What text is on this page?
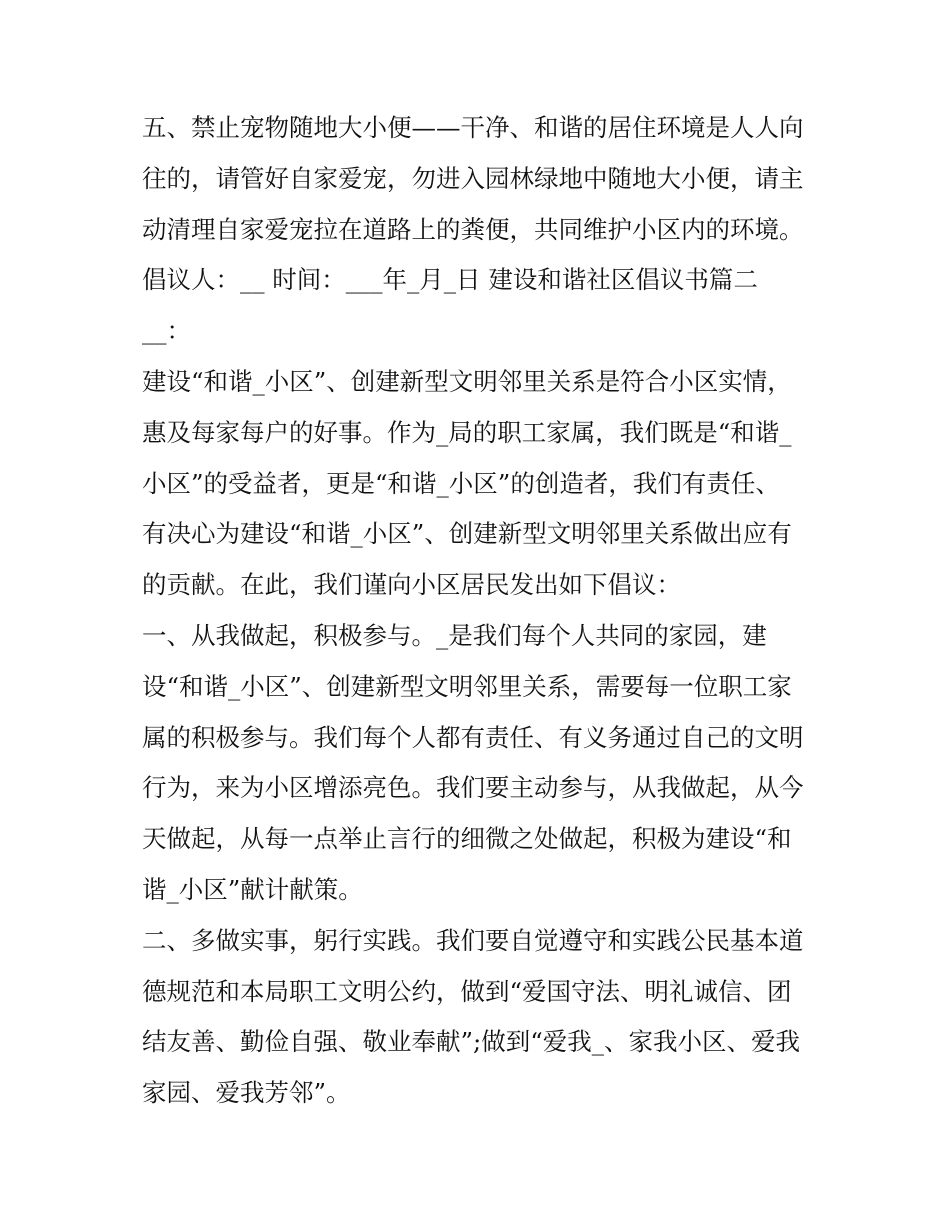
五、禁止宠物随地大小便——干净、和谐的居住环境是人人向
往的，请管好自家爱宠，勿进入园林绿地中随地大小便，请主
动清理自家爱宠拉在道路上的粪便，共同维护小区内的环境。
倡议人：__ 时间：___年_月_日 建设和谐社区倡议书篇二
__：
建设“和谐_小区”、创建新型文明邻里关系是符合小区实情，
惠及每家每户的好事。作为_局的职工家属，我们既是“和谐_
小区”的受益者，更是“和谐_小区”的创造者，我们有责任、
有决心为建设“和谐_小区”、创建新型文明邻里关系做出应有
的贡献。在此，我们谨向小区居民发出如下倡议：
一、从我做起，积极参与。_是我们每个人共同的家园，建
设“和谐_小区”、创建新型文明邻里关系，需要每一位职工家
属的积极参与。我们每个人都有责任、有义务通过自己的文明
行为，来为小区增添亮色。我们要主动参与，从我做起，从今
天做起，从每一点举止言行的细微之处做起，积极为建设“和
谐_小区”献计献策。
二、多做实事，躬行实践。我们要自觉遵守和实践公民基本道
德规范和本局职工文明公约，做到“爱国守法、明礼诚信、团
结友善、勤俭自强、敬业奉献”;做到“爱我_、家我小区、爱我
家园、爱我芳邻”。
